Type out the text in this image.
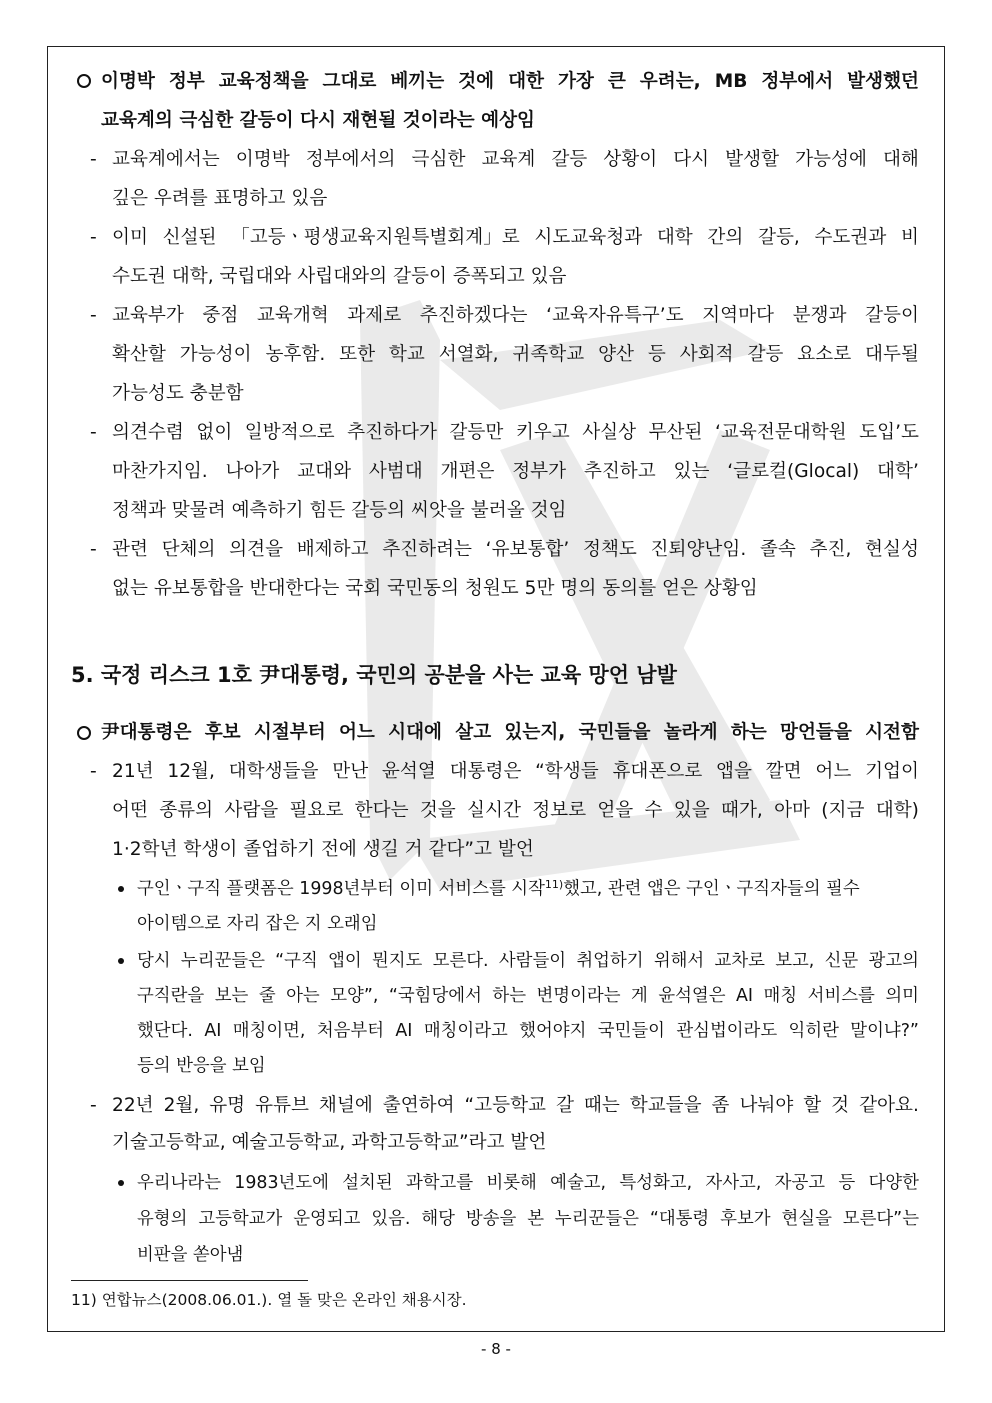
이명박 정부 교육정책을 그대로 베끼는 것에 대한 가장 큰 우려는, MB 정부에서 발생했던
교육계의 극심한 갈등이 다시 재현될 것이라는 예상임
- 교육계에서는 이명박 정부에서의 극심한 교육계 갈등 상황이 다시 발생할 가능성에 대해
깊은 우려를 표명하고 있음
- 이미 신설된 「고등ㆍ평생교육지원특별회계」로 시도교육청과 대학 간의 갈등, 수도권과 비
수도권 대학, 국립대와 사립대와의 갈등이 증폭되고 있음
- 교육부가 중점 교육개혁 과제로 추진하겠다는 ‘교육자유특구’도 지역마다 분쟁과 갈등이
확산할 가능성이 농후함. 또한 학교 서열화, 귀족학교 양산 등 사회적 갈등 요소로 대두될
가능성도 충분함
- 의견수렴 없이 일방적으로 추진하다가 갈등만 키우고 사실상 무산된 ‘교육전문대학원 도입’도
마찬가지임. 나아가 교대와 사범대 개편은 정부가 추진하고 있는 ‘글로컬(Glocal) 대학’
정책과 맞물려 예측하기 힘든 갈등의 씨앗을 불러올 것임
- 관련 단체의 의견을 배제하고 추진하려는 ‘유보통합’ 정책도 진퇴양난임. 졸속 추진, 현실성
없는 유보통합을 반대한다는 국회 국민동의 청원도 5만 명의 동의를 얻은 상황임
5. 국정 리스크 1호 尹대통령, 국민의 공분을 사는 교육 망언 남발
尹대통령은 후보 시절부터 어느 시대에 살고 있는지, 국민들을 놀라게 하는 망언들을 시전함
- 21년 12월, 대학생들을 만난 윤석열 대통령은 “학생들 휴대폰으로 앱을 깔면 어느 기업이
어떤 종류의 사람을 필요로 한다는 것을 실시간 정보로 얻을 수 있을 때가, 아마 (지금 대학)
1·2학년 학생이 졸업하기 전에 생길 거 같다”고 발언
구인ㆍ구직 플랫폼은 1998년부터 이미 서비스를 시작$^{11)}$했고, 관련 앱은 구인ㆍ구직자들의 필수
아이템으로 자리 잡은 지 오래임
당시 누리꾼들은 “구직 앱이 뭔지도 모른다. 사람들이 취업하기 위해서 교차로 보고, 신문 광고의
구직란을 보는 줄 아는 모양”, “국힘당에서 하는 변명이라는 게 윤석열은 AI 매칭 서비스를 의미
했단다. AI 매칭이면, 처음부터 AI 매칭이라고 했어야지 국민들이 관심법이라도 익히란 말이냐?”
등의 반응을 보임
- 22년 2월, 유명 유튜브 채널에 출연하여 “고등학교 갈 때는 학교들을 좀 나눠야 할 것 같아요.
기술고등학교, 예술고등학교, 과학고등학교”라고 발언
우리나라는 1983년도에 설치된 과학고를 비롯해 예술고, 특성화고, 자사고, 자공고 등 다양한
유형의 고등학교가 운영되고 있음. 해당 방송을 본 누리꾼들은 “대통령 후보가 현실을 모른다”는
비판을 쏟아냄
11) 연합뉴스(2008.06.01.). 열 돌 맞은 온라인 채용시장.
- 8 -
